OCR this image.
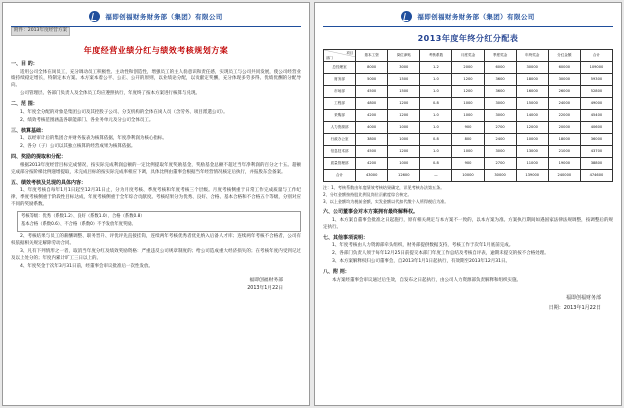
福即创福财务财务部（集团）有限公司
附件：2013年度经营方案
年度经营业绩分红与绩效考核规划方案
一、目 的：

适用公司全体在岗员工，充分调动员工积极性、主动性和创造性，增强员工的主人翁意识和责任感，实现员工与公司共同发展，使公司经营业绩持续稳定增长，特制定本方案。本方案本着公平、公正、公开的原则，以业绩论分配，以贡献定奖酬，充分体现多劳多得、优绩优酬的分配导向。

公司管理层、各部门负责人及全体员工均应遵照执行，年度终了按本方案进行核算与兑现。

二、范 围：

1、年度全分配的对象是集团公司及其控股子公司、分支机构的全体在岗人员（含劳务、项目派遣公司）。

2、绩效考核范围涵盖各职能部门、各业务单元及分公司全体员工。

三、核算基础：

1、以经审计后的集团合并财务报表为核算依据，年度净利润为核心指标。

2、各分（子）公司以其独立核算的经营成果为核算依据。

四、奖励的提取和分配：

根据2013年度经营目标完成情况，按实际完成利润总额的一定比例提取年度奖励基金，奖励基金总额不超过当年净利润的百分之十五。超额完成部分按阶梯比例递增提取，未完成目标的按实际完成率相应下调，具体比例由董事会根据当年经营情况核定后执行，并报股东会备案。

五、绩效考核及兑现的具体内容：

1、年度考核自每年1月1日起至12月31日止，分为月度考核、季度考核和年度考核三个层级。月度考核侧重于日常工作完成质量与工作纪律，季度考核侧重于阶段性目标达成，年度考核侧重于全年综合贡献度。考核结果分为优秀、良好、合格、基本合格和不合格五个等级，分别对应不同的奖励系数。

考核等级：优秀（系数1.2）、良好（系数1.0）、合格（系数0.8）

基本合格（系数0.6）、不合格（系数0）不予发放年度奖励。

2、考核结果与员工的薪酬调整、职务晋升、评优评先直接挂钩，连续两年考核优秀者优先纳入后备人才库；连续两年考核不合格者，公司有权依据相关规定解除劳动合同。

3、凡有下列情形之一者，取消当年度分红及绩效奖励资格：严重违反公司规章制度的；给公司造成重大经济损失的；在考核年度内受到记过及以上处分的；年度内累计旷工三日以上的。

4、年度奖金于次年3月31日前，经董事会审议批准后一次性发放。

福即创福财务部
2013年1月22日
福即创福财务财务部（集团）有限公司
2013年度年终分红分配表
项目
部门	基本工资	岗位津贴	考核系数	月度奖金	季度奖金	年终奖金	分红金额	合计
总经理室	8000	3000	1.2	2000	6000	30000	60000	109000
财务部	5000	1500	1.0	1200	3600	18000	30000	59300
市场部	4500	1500	1.0	1200	3600	16000	26000	52800
工程部	4800	1200	0.8	1000	3000	15000	24000	49000
采购部	4200	1200	1.0	1000	3000	14000	22000	45400
人力资源部	4000	1000	1.0	900	2700	12000	20000	40600
行政办公室	3800	1000	0.8	800	2400	10000	18000	36000
信息技术部	4500	1200	1.0	1000	3000	13000	21000	43700
质量管理部	4200	1000	0.8	900	2700	11000	19000	38800
合计	43000	12600	—	10000	30000	139000	240000	474600

注：1、考核系数由年度绩效考核结果确定，详见考核办法第五条。

2、分红金额按持股比例及岗位贡献度综合核定。

3、以上金额均为税前金额，实发金额以代扣代缴个人所得税后为准。

六、公司董事会对本方案拥有最终解释权。

1、本方案自董事会批准之日起施行，原有相关规定与本方案不一致的，以本方案为准。方案执行期间如遇国家法律法规调整，按调整后的规定执行。

七、其他事项说明：

1、年度考核由人力资源部牵头组织，财务部提供数据支持，考核工作于次年1月底前完成。

2、各部门负责人须于每年12月25日前提交本部门年度工作总结及考核自评表，逾期未提交的按不合格处理。

3、本方案解释权归公司董事会，自2013年1月1日起执行，有效期至2013年12月31日。

八、附 则：

本方案经董事会审议通过后生效，自发布之日起执行，由公司人力资源部负责解释和组织实施。

福即创福财务部
日期：2013年1月22日
